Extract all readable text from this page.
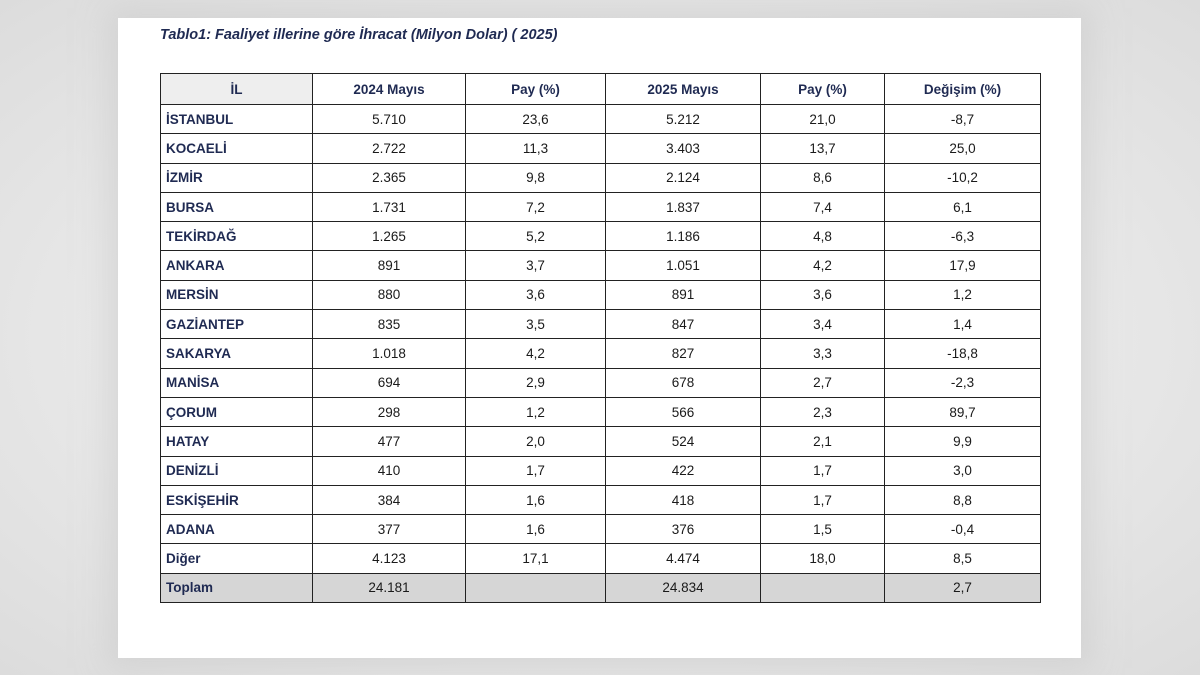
Tablo1: Faaliyet illerine göre İhracat (Milyon Dolar) ( 2025)
İL	2024 Mayıs	Pay (%)	2025 Mayıs	Pay (%)	Değişim (%)
İSTANBUL	5.710	23,6	5.212	21,0	-8,7
KOCAELİ	2.722	11,3	3.403	13,7	25,0
İZMİR	2.365	9,8	2.124	8,6	-10,2
BURSA	1.731	7,2	1.837	7,4	6,1
TEKİRDAĞ	1.265	5,2	1.186	4,8	-6,3
ANKARA	891	3,7	1.051	4,2	17,9
MERSİN	880	3,6	891	3,6	1,2
GAZİANTEP	835	3,5	847	3,4	1,4
SAKARYA	1.018	4,2	827	3,3	-18,8
MANİSA	694	2,9	678	2,7	-2,3
ÇORUM	298	1,2	566	2,3	89,7
HATAY	477	2,0	524	2,1	9,9
DENİZLİ	410	1,7	422	1,7	3,0
ESKİŞEHİR	384	1,6	418	1,7	8,8
ADANA	377	1,6	376	1,5	-0,4
Diğer	4.123	17,1	4.474	18,0	8,5
Toplam	24.181		24.834		2,7
